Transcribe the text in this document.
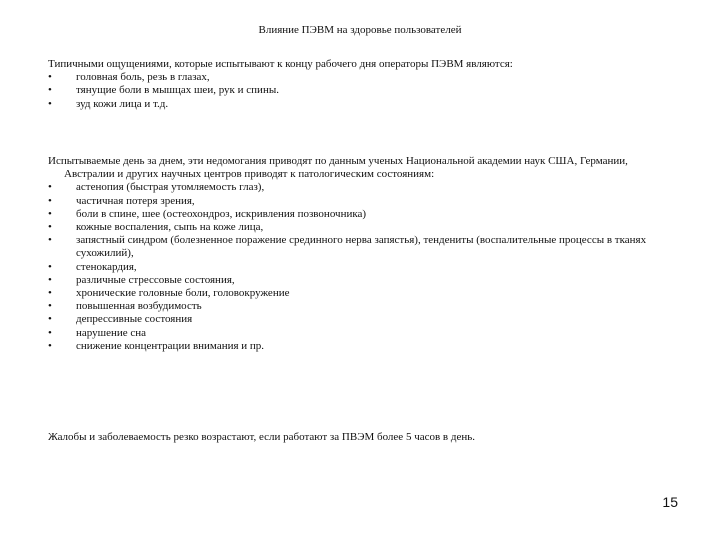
Влияние ПЭВМ на здоровье пользователей
Типичными ощущениями, которые испытывают к концу рабочего дня операторы ПЭВМ являются:
•	головная боль, резь в глазах,
•	тянущие боли в мышцах шеи, рук и спины.
•	зуд кожи лица и т.д.
Испытываемые день за днем, эти недомогания приводят по данным ученых Национальной академии наук США, Германии, Австралии и других научных центров приводят к патологическим состояниям:
•	астенопия (быстрая утомляемость глаз),
•	частичная потеря зрения,
•	боли в спине, шее (остеохондроз, искривления позвоночника)
•	кожные воспаления, сыпь на коже лица,
•	запястный синдром (болезненное поражение срединного нерва запястья), тендениты (воспалительные процессы в тканях сухожилий),
•	стенокардия,
•	различные стрессовые состояния,
•	хронические головные боли, головокружение
•	повышенная возбудимость
•	депрессивные состояния
•	нарушение сна
•	снижение концентрации внимания и пр.
Жалобы и заболеваемость резко возрастают, если работают за ПВЭМ более 5 часов в день.
15
